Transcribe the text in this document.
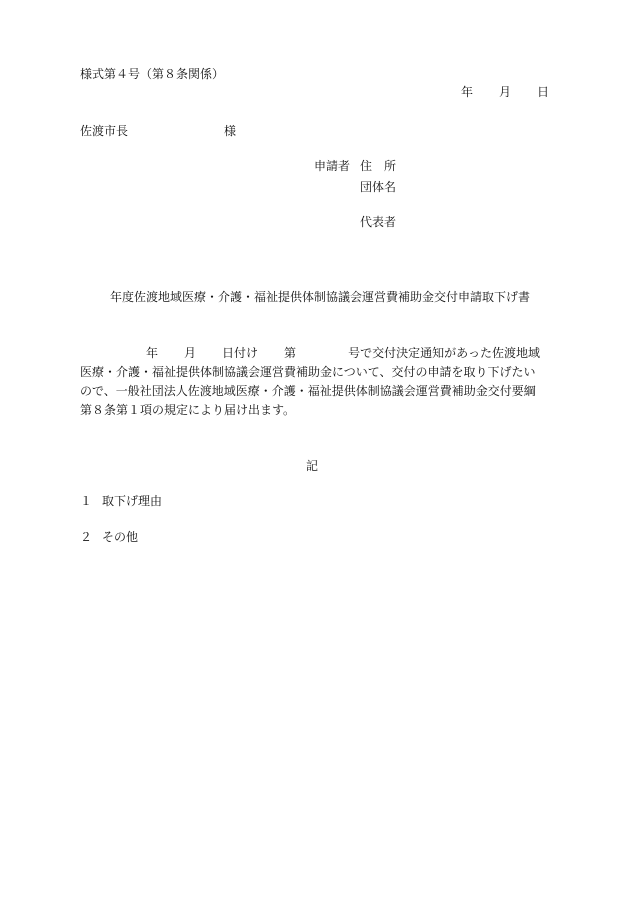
様式第４号（第８条関係）
年 月 日
佐渡市長	様
申請者 住　所
団体名
代表者
年度佐渡地域医療・介護・福祉提供体制協議会運営費補助金交付申請取下げ書
年 月 日付け 第	号で交付決定通知があった佐渡地域
医療・介護・福祉提供体制協議会運営費補助金について、交付の申請を取り下げたい
ので、一般社団法人佐渡地域医療・介護・福祉提供体制協議会運営費補助金交付要綱
第８条第１項の規定により届け出ます。
記
１ 取下げ理由
２ その他
